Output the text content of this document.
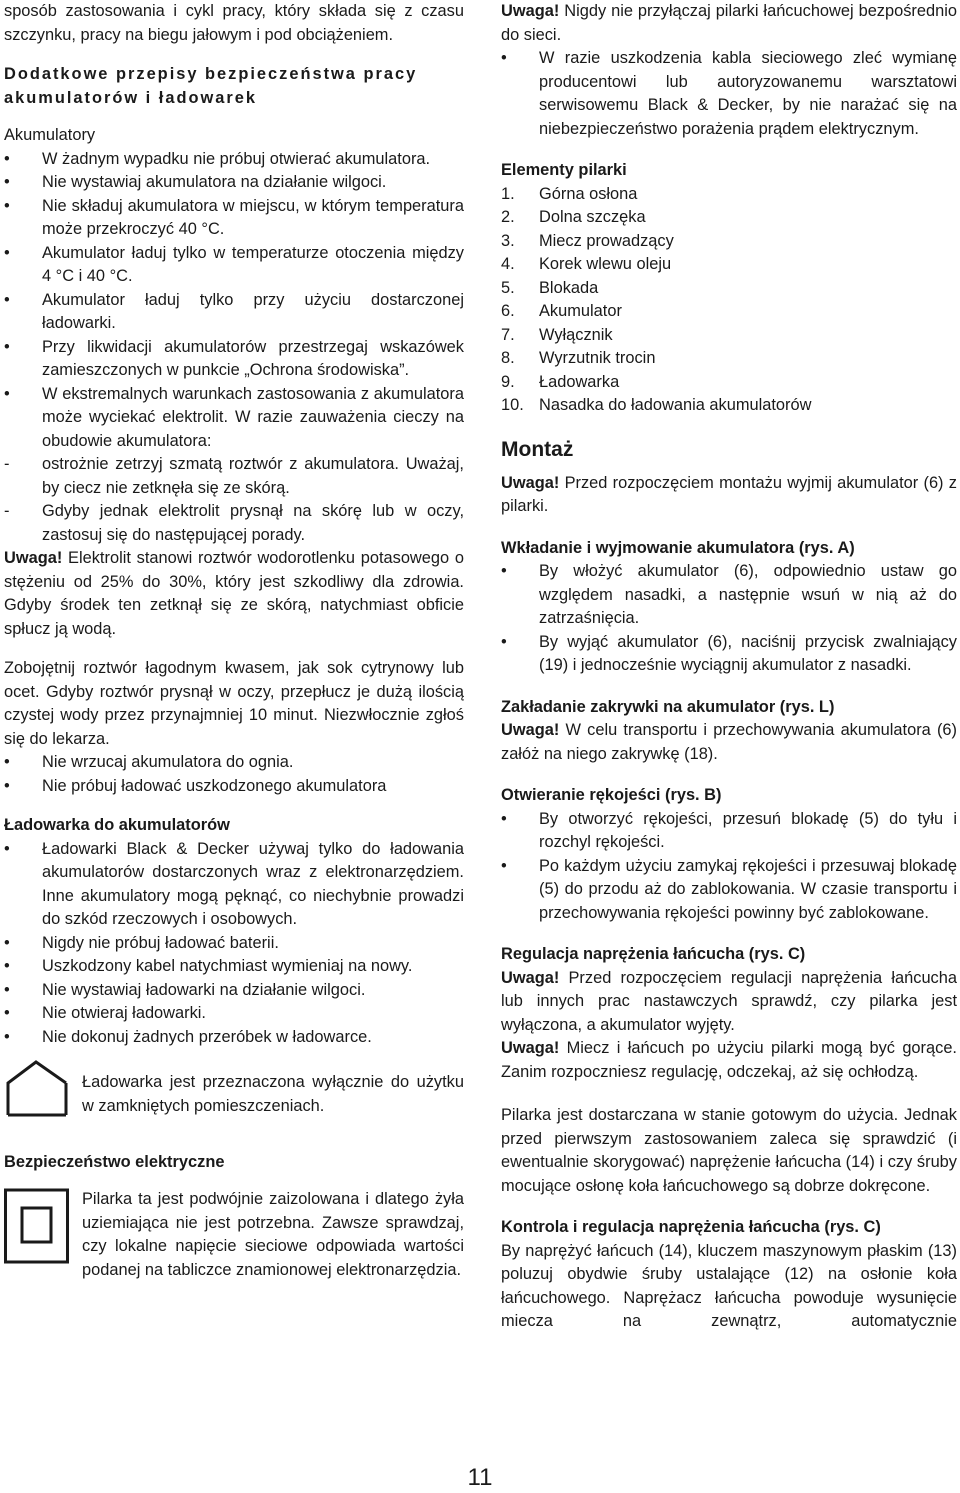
sposób zastosowania i cykl pracy, który składa się z czasu szczynku, pracy na biegu jałowym i pod obciążeniem.

Dodatkowe przepisy bezpieczeństwa pracy akumulatorów i ładowarek

Akumulatory

• W żadnym wypadku nie próbuj otwierać akumulatora.
• Nie wystawiaj akumulatora na działanie wilgoci.
• Nie składuj akumulatora w miejscu, w którym temperatura może przekroczyć 40 °C.
• Akumulator ładuj tylko w temperaturze otoczenia między 4 °C i 40 °C.
• Akumulator ładuj tylko przy użyciu dostarczonej ładowarki.
• Przy likwidacji akumulatorów przestrzegaj wskazówek zamieszczonych w punkcie „Ochrona środowiska”.
• W ekstremalnych warunkach zastosowania z akumulatora może wyciekać elektrolit. W razie zauważenia cieczy na obudowie akumulatora:
- ostrożnie zetrzyj szmatą roztwór z akumulatora. Uważaj, by ciecz nie zetknęła się ze skórą.
- Gdyby jednak elektrolit prysnął na skórę lub w oczy, zastosuj się do następującej porady.

Uwaga! Elektrolit stanowi roztwór wodorotlenku potasowego o stężeniu od 25% do 30%, który jest szkodliwy dla zdrowia. Gdyby środek ten zetknął się ze skórą, natychmiast obficie spłucz ją wodą.

Zobojętnij roztwór łagodnym kwasem, jak sok cytrynowy lub ocet. Gdyby roztwór prysnął w oczy, przepłucz je dużą ilością czystej wody przez przynajmniej 10 minut. Niezwłocznie zgłoś się do lekarza.

• Nie wrzucaj akumulatora do ognia.
• Nie próbuj ładować uszkodzonego akumulatora

Ładowarka do akumulatorów

• Ładowarki Black & Decker używaj tylko do ładowania akumulatorów dostarczonych wraz z elektronarzędziem. Inne akumulatory mogą pęknąć, co niechybnie prowadzi do szkód rzeczowych i osobowych.
• Nigdy nie próbuj ładować baterii.
• Uszkodzony kabel natychmiast wymieniaj na nowy.
• Nie wystawiaj ładowarki na działanie wilgoci.
• Nie otwieraj ładowarki.
• Nie dokonuj żadnych przeróbek w ładowarce.

Ładowarka jest przeznaczona wyłącznie do użytku w zamkniętych pomieszczeniach.

Bezpieczeństwo elektryczne

Pilarka ta jest podwójnie zaizolowana i dlatego żyła uziemiająca nie jest potrzebna. Zawsze sprawdzaj, czy lokalne napięcie sieciowe odpowiada wartości podanej na tabliczce znamionowej elektronarzędzia.

Uwaga! Nigdy nie przyłączaj pilarki łańcuchowej bezpośrednio do sieci.

• W razie uszkodzenia kabla sieciowego zleć wymianę producentowi lub autoryzowanemu warsztatowi serwisowemu Black & Decker, by nie narażać się na niebezpieczeństwo porażenia prądem elektrycznym.

Elementy pilarki

1.	Górna osłona
2.	Dolna szczęka
3.	Miecz prowadzący
4.	Korek wlewu oleju
5.	Blokada
6.	Akumulator
7.	Wyłącznik
8.	Wyrzutnik trocin
9.	Ładowarka
10. Nasadka do ładowania akumulatorów
Montaż

Uwaga! Przed rozpoczęciem montażu wyjmij akumulator (6) z pilarki.

Wkładanie i wyjmowanie akumulatora (rys. A)

• By włożyć akumulator (6), odpowiednio ustaw go względem nasadki, a następnie wsuń w nią aż do zatrzaśnięcia.
• By wyjąć akumulator (6), naciśnij przycisk zwalniający (19) i jednocześnie wyciągnij akumulator z nasadki.

Zakładanie zakrywki na akumulator (rys. L)

Uwaga! W celu transportu i przechowywania akumulatora (6) załóż na niego zakrywkę (18).

Otwieranie rękojeści (rys. B)

• By otworzyć rękojeści, przesuń blokadę (5) do tyłu i rozchyl rękojeści.
• Po każdym użyciu zamykaj rękojeści i przesuwaj blokadę (5) do przodu aż do zablokowania. W czasie transportu i przechowywania rękojeści powinny być zablokowane.

Regulacja naprężenia łańcucha (rys. C)

Uwaga! Przed rozpoczęciem regulacji naprężenia łańcucha lub innych prac nastawczych sprawdź, czy pilarka jest wyłączona, a akumulator wyjęty.

Uwaga! Miecz i łańcuch po użyciu pilarki mogą być gorące. Zanim rozpoczniesz regulację, odczekaj, aż się ochłodzą.

Pilarka jest dostarczana w stanie gotowym do użycia. Jednak przed pierwszym zastosowaniem zaleca się sprawdzić (i ewentualnie skorygować) naprężenie łańcucha (14) i czy śruby mocujące osłonę koła łańcuchowego są dobrze dokręcone.

Kontrola i regulacja naprężenia łańcucha (rys. C)

By naprężyć łańcuch (14), kluczem maszynowym płaskim (13) poluzuj obydwie śruby ustalające (12) na osłonie koła łańcuchowego. Naprężacz łańcucha powoduje wysunięcie miecza na zewnątrz, automatycznie

11
